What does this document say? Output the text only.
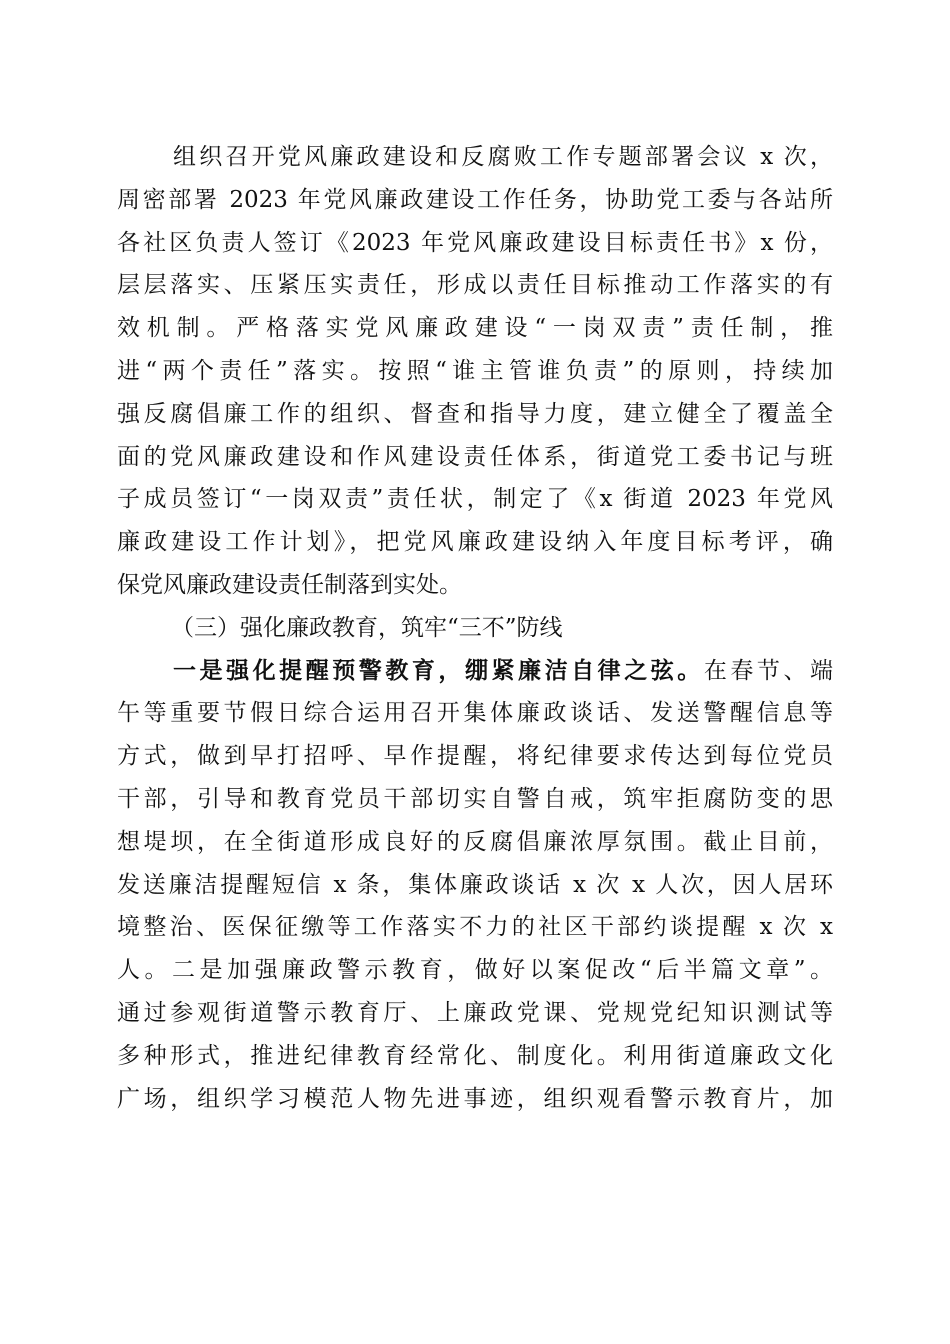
组织召开党风廉政建设和反腐败工作专题部署会议 x 次，
周密部署 2023 年党风廉政建设工作任务，协助党工委与各站所
各社区负责人签订《2023 年党风廉政建设目标责任书》x 份，
层层落实、压紧压实责任，形成以责任目标推动工作落实的有
效机制。严格落实党风廉政建设“一岗双责”责任制，推
进“两个责任”落实。按照“谁主管谁负责”的原则，持续加
强反腐倡廉工作的组织、督查和指导力度，建立健全了覆盖全
面的党风廉政建设和作风建设责任体系，街道党工委书记与班
子成员签订“一岗双责”责任状，制定了《x 街道 2023 年党风
廉政建设工作计划》，把党风廉政建设纳入年度目标考评，确
保党风廉政建设责任制落到实处。
（三）强化廉政教育，筑牢“三不”防线
一是强化提醒预警教育，绷紧廉洁自律之弦。在春节、端
午等重要节假日综合运用召开集体廉政谈话、发送警醒信息等
方式，做到早打招呼、早作提醒，将纪律要求传达到每位党员
干部，引导和教育党员干部切实自警自戒，筑牢拒腐防变的思
想堤坝，在全街道形成良好的反腐倡廉浓厚氛围。截止目前，
发送廉洁提醒短信 x 条，集体廉政谈话 x 次 x 人次，因人居环
境整治、医保征缴等工作落实不力的社区干部约谈提醒 x 次 x
人。二是加强廉政警示教育，做好以案促改“后半篇文章”。
通过参观街道警示教育厅、上廉政党课、党规党纪知识测试等
多种形式，推进纪律教育经常化、制度化。利用街道廉政文化
广场，组织学习模范人物先进事迹，组织观看警示教育片，加
